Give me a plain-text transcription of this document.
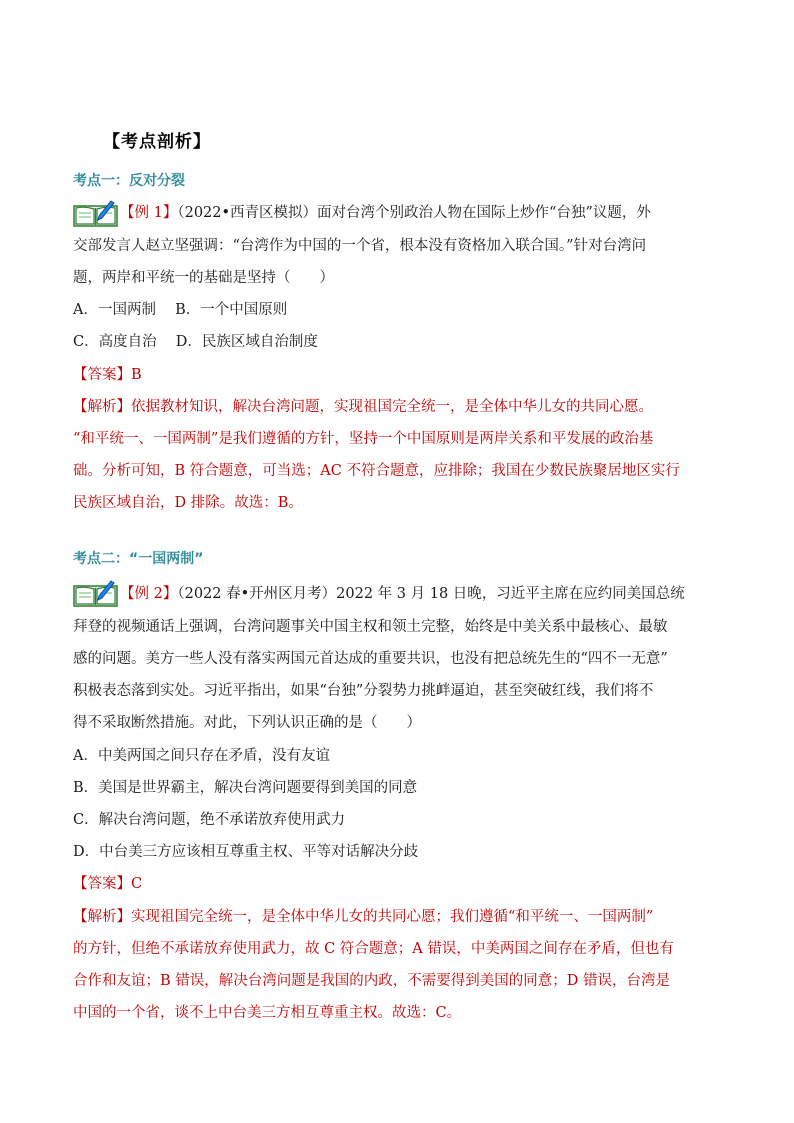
【考点剖析】
考点一：反对分裂
【例 1】（2022•西青区模拟）面对台湾个别政治人物在国际上炒作“台独”议题，外
交部发言人赵立坚强调：“台湾作为中国的一个省，根本没有资格加入联合国。”针对台湾问
题，两岸和平统一的基础是坚持（　　）
A．一国两制　 B．一个中国原则
C．高度自治　 D．民族区域自治制度
【答案】B
【解析】依据教材知识，解决台湾问题，实现祖国完全统一，是全体中华儿女的共同心愿。
“和平统一、一国两制”是我们遵循的方针，坚持一个中国原则是两岸关系和平发展的政治基
础。分析可知，B 符合题意，可当选；AC 不符合题意，应排除；我国在少数民族聚居地区实行
民族区域自治，D 排除。故选：B。
考点二：“一国两制”
【例 2】（2022 春•开州区月考）2022 年 3 月 18 日晚，习近平主席在应约同美国总统
拜登的视频通话上强调，台湾问题事关中国主权和领土完整，始终是中美关系中最核心、最敏
感的问题。美方一些人没有落实两国元首达成的重要共识，也没有把总统先生的“四不一无意”
积极表态落到实处。习近平指出，如果“台独”分裂势力挑衅逼迫，甚至突破红线，我们将不
得不采取断然措施。对此，下列认识正确的是（　　）
A．中美两国之间只存在矛盾，没有友谊
B．美国是世界霸主，解决台湾问题要得到美国的同意
C．解决台湾问题，绝不承诺放弃使用武力
D．中台美三方应该相互尊重主权、平等对话解决分歧
【答案】C
【解析】实现祖国完全统一，是全体中华儿女的共同心愿；我们遵循“和平统一、一国两制”
的方针，但绝不承诺放弃使用武力，故 C 符合题意；A 错误，中美两国之间存在矛盾，但也有
合作和友谊；B 错误，解决台湾问题是我国的内政，不需要得到美国的同意；D 错误，台湾是
中国的一个省，谈不上中台美三方相互尊重主权。故选：C。
